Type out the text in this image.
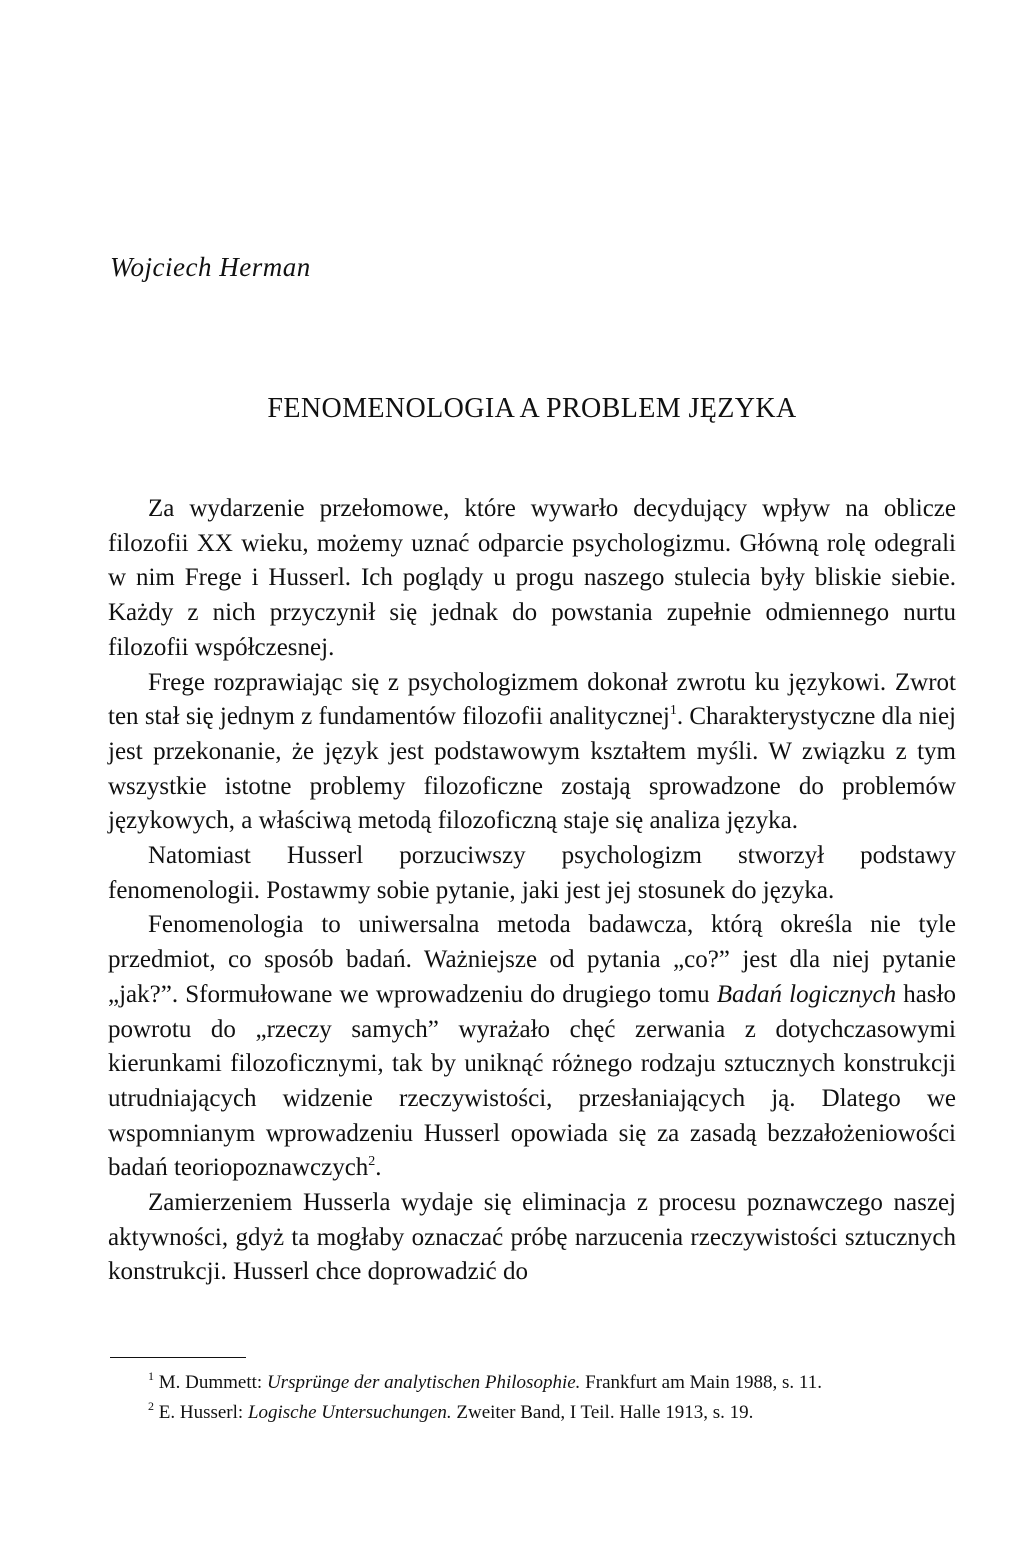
Wojciech Herman
FENOMENOLOGIA A PROBLEM JĘZYKA

Za wydarzenie przełomowe, które wywarło decydujący wpływ na oblicze filozofii XX wieku, możemy uznać odparcie psychologizmu. Główną rolę odegrali w nim Frege i Husserl. Ich poglądy u progu naszego stulecia były bliskie siebie. Każdy z nich przyczynił się jednak do powstania zupełnie odmiennego nurtu filozofii współczesnej.

Frege rozprawiając się z psychologizmem dokonał zwrotu ku językowi. Zwrot ten stał się jednym z fundamentów filozofii analitycznej$^1$. Charakterystyczne dla niej jest przekonanie, że język jest podstawowym kształtem myśli. W związku z tym wszystkie istotne problemy filozoficzne zostają sprowadzone do problemów językowych, a właściwą metodą filozoficzną staje się analiza języka.

Natomiast Husserl porzuciwszy psychologizm stworzył podstawy fenomenologii. Postawmy sobie pytanie, jaki jest jej stosunek do języka.

Fenomenologia to uniwersalna metoda badawcza, którą określa nie tyle przedmiot, co sposób badań. Ważniejsze od pytania „co?” jest dla niej pytanie „jak?”. Sformułowane we wprowadzeniu do drugiego tomu Badań logicznych hasło powrotu do „rzeczy samych” wyrażało chęć zerwania z dotychczasowymi kierunkami filozoficznymi, tak by uniknąć różnego rodzaju sztucznych konstrukcji utrudniających widzenie rzeczywistości, przesłaniających ją. Dlatego we wspomnianym wprowadzeniu Husserl opowiada się za zasadą bezzałożeniowości badań teoriopoznawczych$^2$.

Zamierzeniem Husserla wydaje się eliminacja z procesu poznawczego naszej aktywności, gdyż ta mogłaby oznaczać próbę narzucenia rzeczywistości sztucznych konstrukcji. Husserl chce doprowadzić do

$^1$ M. Dummett: Ursprünge der analytischen Philosophie. Frankfurt am Main 1988, s. 11.

$^2$ E. Husserl: Logische Untersuchungen. Zweiter Band, I Teil. Halle 1913, s. 19.
